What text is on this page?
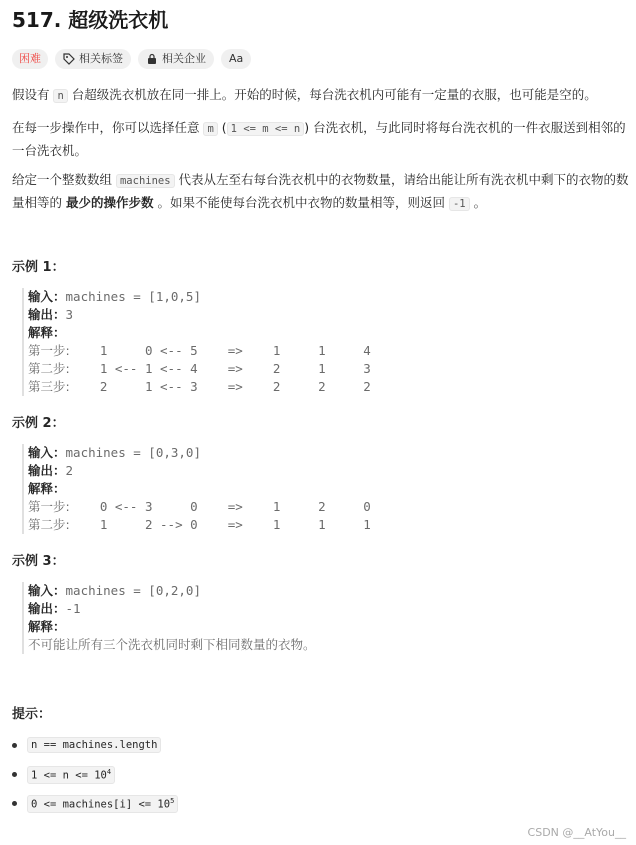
517. 超级洗衣机
困难	相关标签	相关企业 Aa
假设有 n 台超级洗衣机放在同一排上。开始的时候，每台洗衣机内可能有一定量的衣服，也可能是空的。
在每一步操作中，你可以选择任意 m ( 1 <= m <= n ) 台洗衣机，与此同时将每台洗衣机的一件衣服送到相邻的
一台洗衣机。
给定一个整数数组 machines 代表从左至右每台洗衣机中的衣物数量，请给出能让所有洗衣机中剩下的衣物的数
量相等的 最少的操作步数 。如果不能使每台洗衣机中衣物的数量相等，则返回 -1 。
示例 1：
输入：machines = [1,0,5]
输出：3
解释：
第一步:    1     0 <-- 5    =>    1     1     4
第二步:    1 <-- 1 <-- 4    =>    2     1     3
第三步:    2     1 <-- 3    =>    2     2     2
示例 2：
输入：machines = [0,3,0]
输出：2
解释：
第一步:    0 <-- 3     0    =>    1     2     0
第二步:    1     2 --> 0    =>    1     1     1
示例 3：
输入：machines = [0,2,0]
输出：-1
解释：
不可能让所有三个洗衣机同时剩下相同数量的衣物。
提示：
n == machines.length
$1 <= n <= 10^4$
0 <= machines[i] <= $10^5$
CSDN @__AtYou__
